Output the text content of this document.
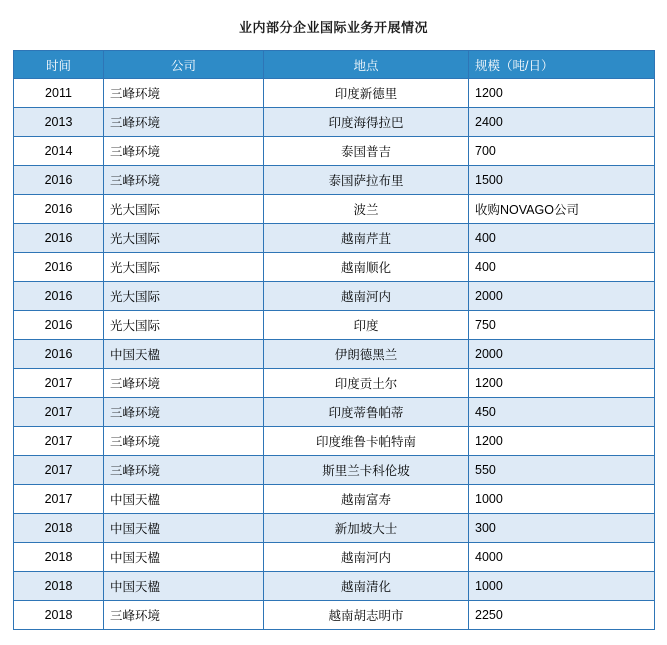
业内部分企业国际业务开展情况
时间	公司	地点	规模（吨/日）
2011	三峰环境	印度新德里	1200
2013	三峰环境	印度海得拉巴	2400
2014	三峰环境	泰国普吉	700
2016	三峰环境	泰国萨拉布里	1500
2016	光大国际	波兰	收购NOVAGO公司
2016	光大国际	越南芹苴	400
2016	光大国际	越南顺化	400
2016	光大国际	越南河内	2000
2016	光大国际	印度	750
2016	中国天楹	伊朗德黑兰	2000
2017	三峰环境	印度贡土尔	1200
2017	三峰环境	印度蒂鲁帕蒂	450
2017	三峰环境	印度维鲁卡帕特南	1200
2017	三峰环境	斯里兰卡科伦坡	550
2017	中国天楹	越南富寿	1000
2018	中国天楹	新加坡大士	300
2018	中国天楹	越南河内	4000
2018	中国天楹	越南清化	1000
2018	三峰环境	越南胡志明市	2250
